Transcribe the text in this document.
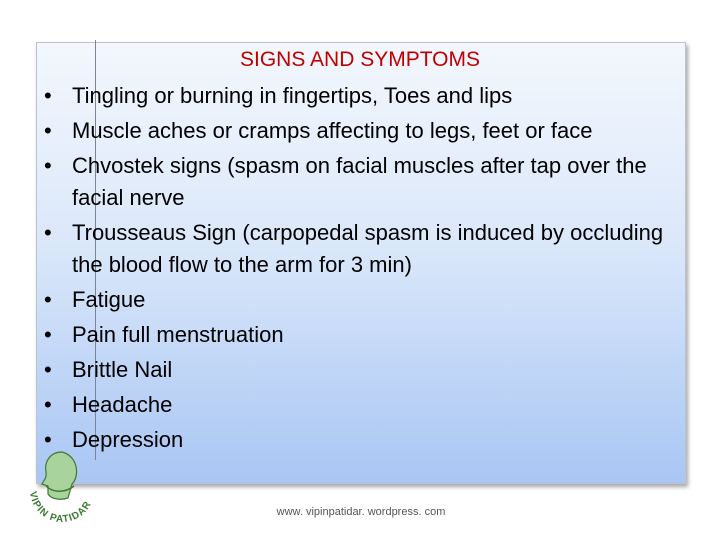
SIGNS AND SYMPTOMS
• Tingling or burning in fingertips, Toes and lips
• Muscle aches or cramps affecting to legs, feet or face
• Chvostek signs (spasm on facial muscles after tap over the facial nerve
• Trousseaus Sign (carpopedal spasm is induced by occluding the blood flow to the arm for 3 min)
• Fatigue
• Pain full menstruation
• Brittle Nail
• Headache
• Depression
VIPIN PATIDAR
www. vipinpatidar. wordpress. com
